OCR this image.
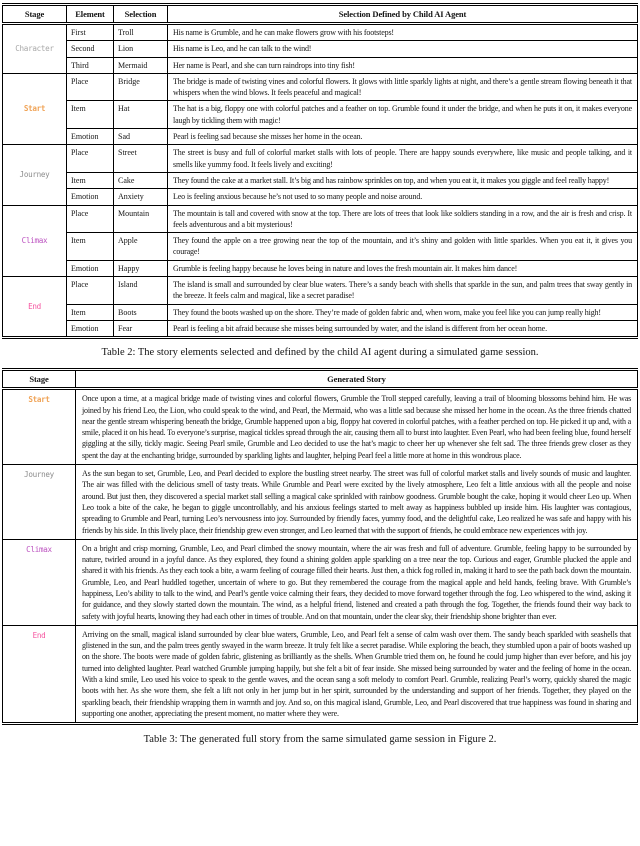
Stage	Element	Selection	Selection Defined by Child AI Agent
Character	First	Troll	His name is Grumble, and he can make flowers grow with his footsteps!
	Second	Lion	His name is Leo, and he can talk to the wind!
	Third	Mermaid	Her name is Pearl, and she can turn raindrops into tiny fish!
Start	Place	Bridge	The bridge is made of twisting vines and colorful flowers. It glows with little sparkly lights at night, and there’s a gentle stream flowing beneath it that whispers when the wind blows. It feels peaceful and magical!
	Item	Hat	The hat is a big, floppy one with colorful patches and a feather on top. Grumble found it under the bridge, and when he puts it on, it makes everyone laugh by tickling them with magic!
	Emotion	Sad	Pearl is feeling sad because she misses her home in the ocean.
Journey	Place	Street	The street is busy and full of colorful market stalls with lots of people. There are happy sounds everywhere, like music and people talking, and it smells like yummy food. It feels lively and exciting!
	Item	Cake	They found the cake at a market stall. It’s big and has rainbow sprinkles on top, and when you eat it, it makes you giggle and feel really happy!
	Emotion	Anxiety	Leo is feeling anxious because he’s not used to so many people and noise around.
Climax	Place	Mountain	The mountain is tall and covered with snow at the top. There are lots of trees that look like soldiers standing in a row, and the air is fresh and crisp. It feels adventurous and a bit mysterious!
	Item	Apple	They found the apple on a tree growing near the top of the mountain, and it’s shiny and golden with little sparkles. When you eat it, it gives you courage!
	Emotion	Happy	Grumble is feeling happy because he loves being in nature and loves the fresh mountain air. It makes him dance!
End	Place	Island	The island is small and surrounded by clear blue waters. There’s a sandy beach with shells that sparkle in the sun, and palm trees that sway gently in the breeze. It feels calm and magical, like a secret paradise!
	Item	Boots	They found the boots washed up on the shore. They’re made of golden fabric and, when worn, make you feel like you can jump really high!
	Emotion	Fear	Pearl is feeling a bit afraid because she misses being surrounded by water, and the island is different from her ocean home.
Table 2: The story elements selected and defined by the child AI agent during a simulated game session.
Stage	Generated Story
Start	Once upon a time, at a magical bridge made of twisting vines and colorful flowers, Grumble the Troll stepped carefully, leaving a trail of blooming blossoms behind him. He was joined by his friend Leo, the Lion, who could speak to the wind, and Pearl, the Mermaid, who was a little sad because she missed her home in the ocean. As the three friends chatted near the gentle stream whispering beneath the bridge, Grumble happened upon a big, floppy hat covered in colorful patches, with a feather perched on top. He picked it up and, with a smile, placed it on his head. To everyone’s surprise, magical tickles spread through the air, causing them all to burst into laughter. Even Pearl, who had been feeling blue, found herself giggling at the silly, tickly magic. Seeing Pearl smile, Grumble and Leo decided to use the hat’s magic to cheer her up whenever she felt sad. The three friends grew closer as they spent the day at the enchanting bridge, surrounded by sparkling lights and laughter, helping Pearl feel a little more at home in this wondrous place.
Journey	As the sun began to set, Grumble, Leo, and Pearl decided to explore the bustling street nearby. The street was full of colorful market stalls and lively sounds of music and laughter. The air was filled with the delicious smell of tasty treats. While Grumble and Pearl were excited by the lively atmosphere, Leo felt a little anxious with all the people and noise around. But just then, they discovered a special market stall selling a magical cake sprinkled with rainbow goodness. Grumble bought the cake, hoping it would cheer Leo up. When Leo took a bite of the cake, he began to giggle uncontrollably, and his anxious feelings started to melt away as happiness bubbled up inside him. His laughter was contagious, spreading to Grumble and Pearl, turning Leo’s nervousness into joy. Surrounded by friendly faces, yummy food, and the delightful cake, Leo realized he was safe and happy with his friends by his side. In this lively place, their friendship grew even stronger, and Leo learned that with the support of friends, he could embrace new experiences with joy.
Climax	On a bright and crisp morning, Grumble, Leo, and Pearl climbed the snowy mountain, where the air was fresh and full of adventure. Grumble, feeling happy to be surrounded by nature, twirled around in a joyful dance. As they explored, they found a shining golden apple sparkling on a tree near the top. Curious and eager, Grumble plucked the apple and shared it with his friends. As they each took a bite, a warm feeling of courage filled their hearts. Just then, a thick fog rolled in, making it hard to see the path back down the mountain. Grumble, Leo, and Pearl huddled together, uncertain of where to go. But they remembered the courage from the magical apple and held hands, feeling brave. With Grumble’s happiness, Leo’s ability to talk to the wind, and Pearl’s gentle voice calming their fears, they decided to move forward together through the fog. Leo whispered to the wind, asking it for guidance, and they slowly started down the mountain. The wind, as a helpful friend, listened and created a path through the fog. Together, the friends found their way back to safety with joyful hearts, knowing they had each other in times of trouble. And on that mountain, under the clear sky, their friendship shone brighter than ever.
End	Arriving on the small, magical island surrounded by clear blue waters, Grumble, Leo, and Pearl felt a sense of calm wash over them. The sandy beach sparkled with seashells that glistened in the sun, and the palm trees gently swayed in the warm breeze. It truly felt like a secret paradise. While exploring the beach, they stumbled upon a pair of boots washed up on the shore. The boots were made of golden fabric, glistening as brilliantly as the shells. When Grumble tried them on, he found he could jump higher than ever before, and his joy turned into delighted laughter. Pearl watched Grumble jumping happily, but she felt a bit of fear inside. She missed being surrounded by water and the feeling of home in the ocean. With a kind smile, Leo used his voice to speak to the gentle waves, and the ocean sang a soft melody to comfort Pearl. Grumble, realizing Pearl’s worry, quickly shared the magic boots with her. As she wore them, she felt a lift not only in her jump but in her spirit, surrounded by the understanding and support of her friends. Together, they played on the sparkling beach, their friendship wrapping them in warmth and joy. And so, on this magical island, Grumble, Leo, and Pearl discovered that true happiness was found in sharing and supporting one another, appreciating the present moment, no matter where they were.
Table 3: The generated full story from the same simulated game session in Figure 2.
